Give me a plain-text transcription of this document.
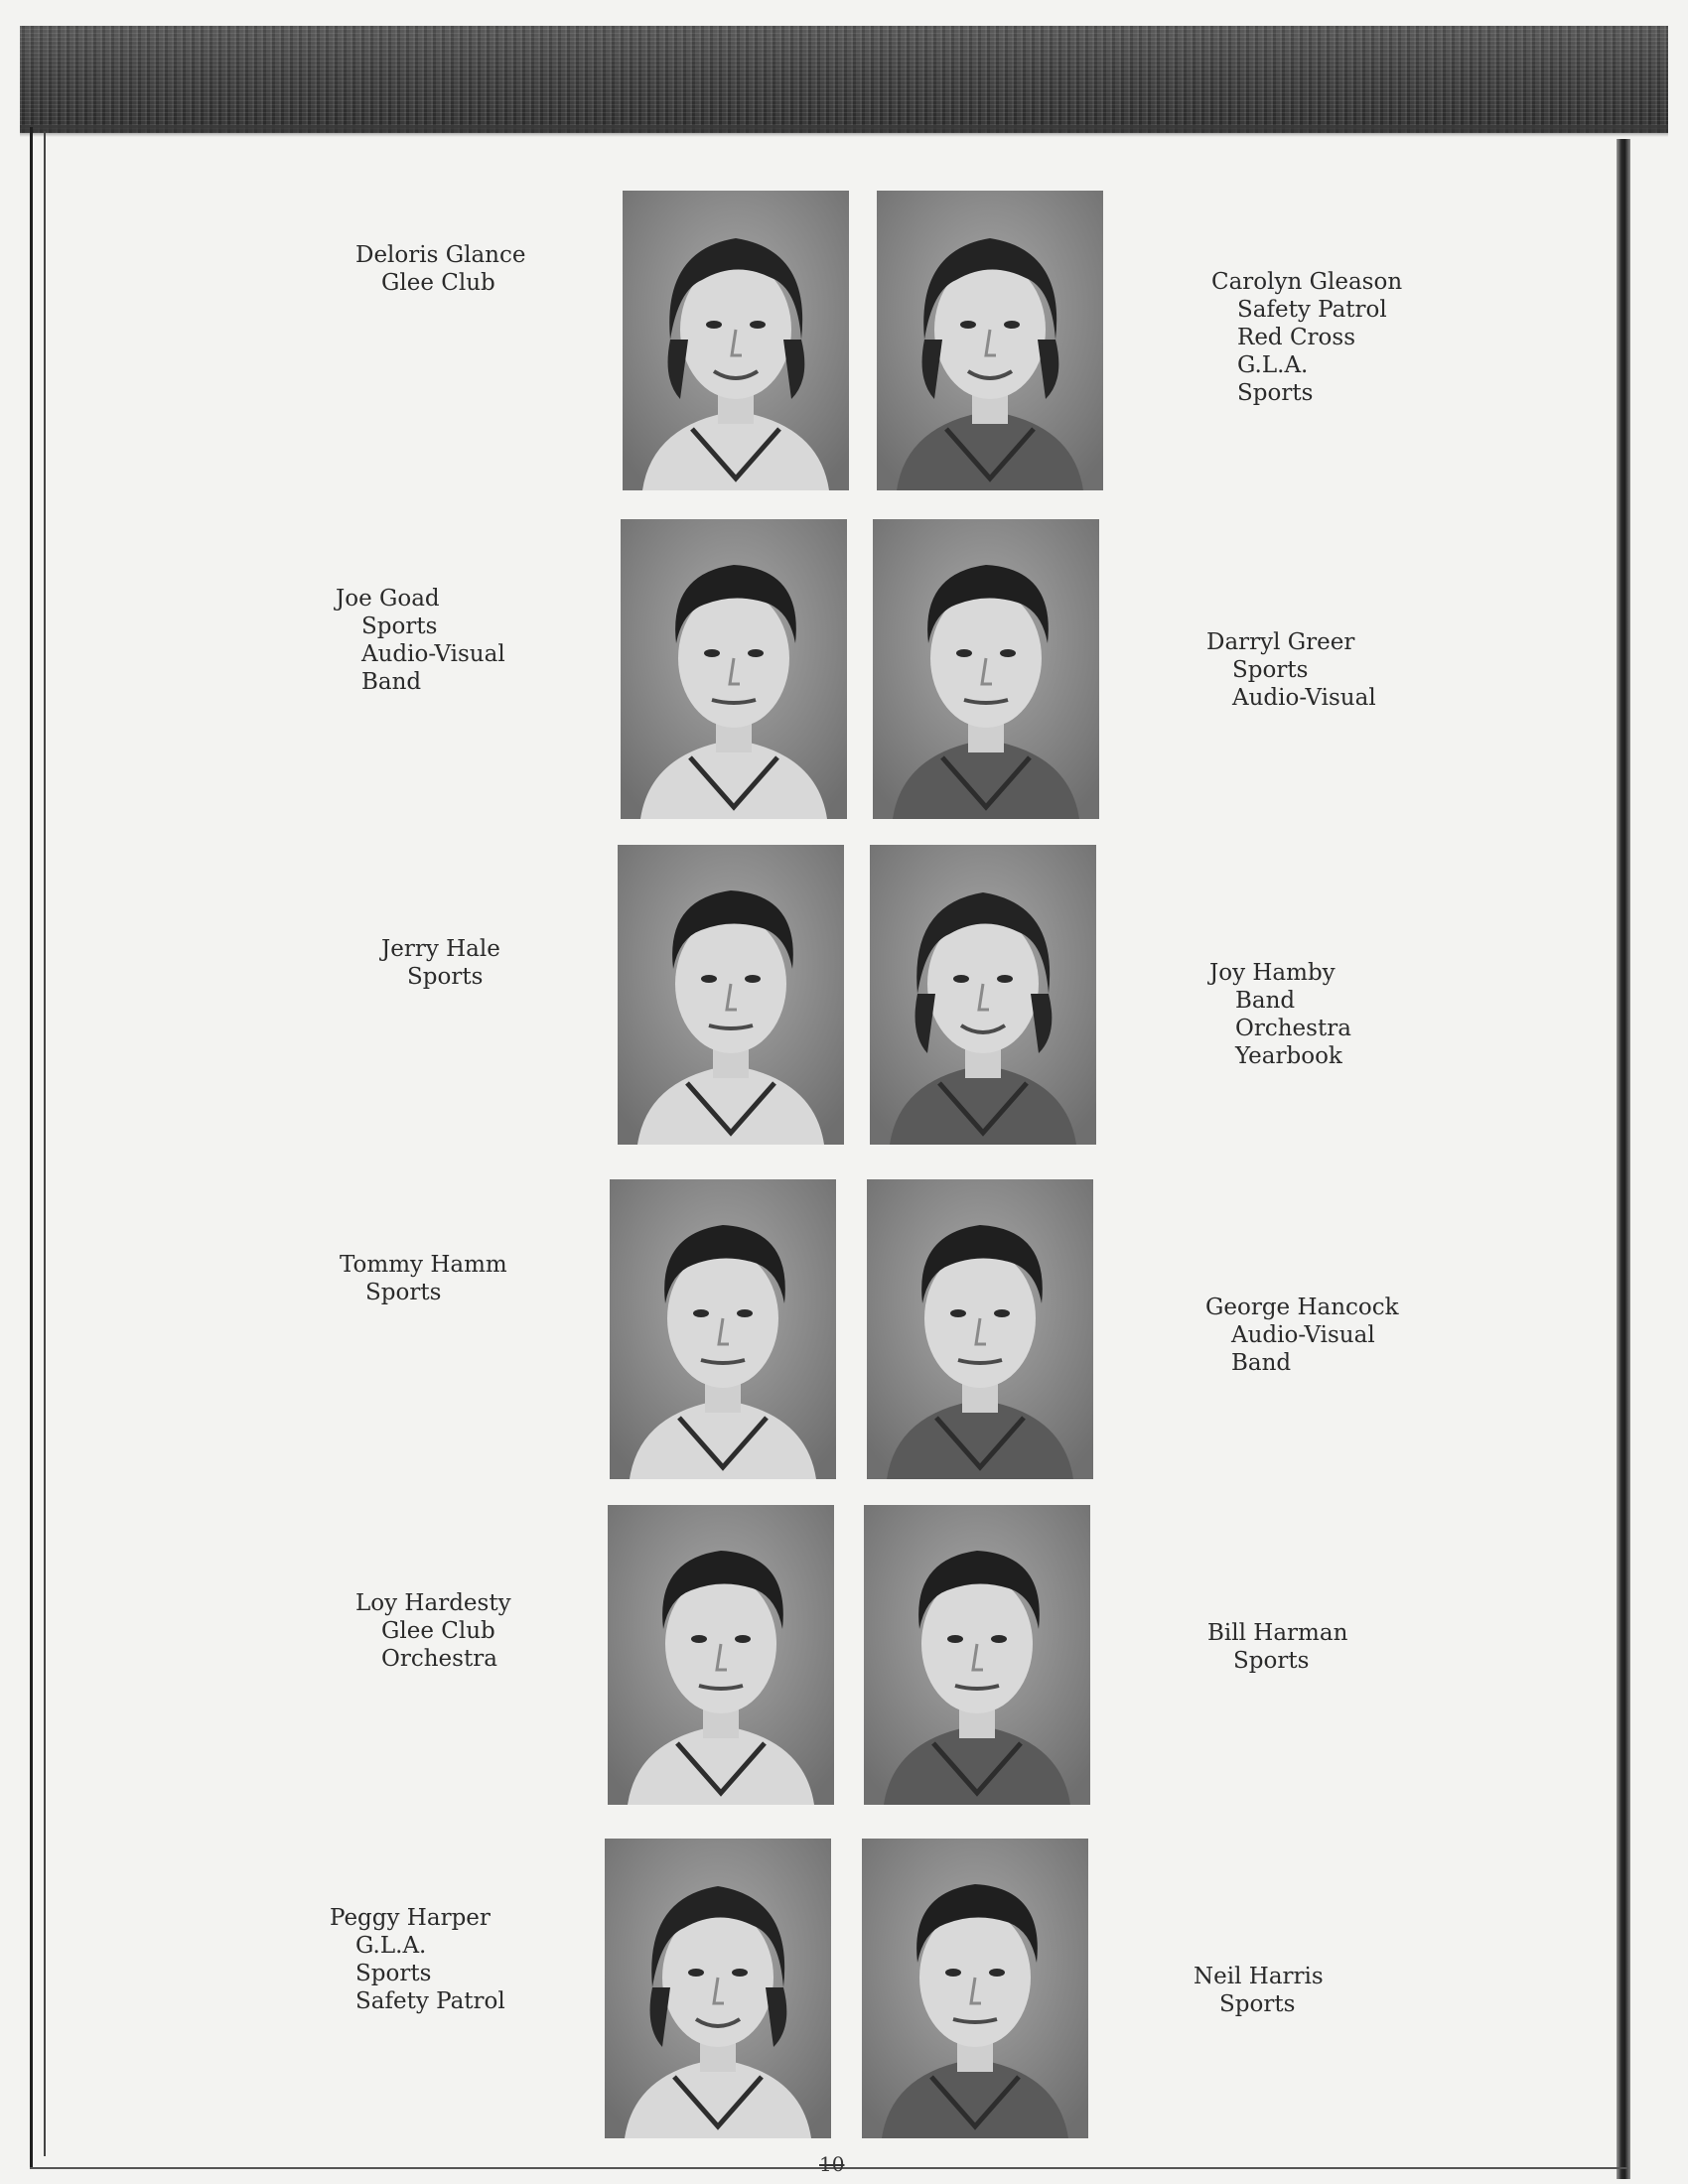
Deloris Glance
Glee Club	Carolyn Gleason
Safety Patrol
Red Cross
G.L.A.
Sports
Joe Goad
Sports
Audio-Visual
Band
Darryl Greer
Sports
Audio-Visual
Jerry Hale
Sports	Joy Hamby
Band
Orchestra
Yearbook
Tommy Hamm
Sports
George Hancock
Audio-Visual
Band
Loy Hardesty
Glee Club
Orchestra
Bill Harman
Sports
Peggy Harper
G.L.A.
Sports
Safety Patrol
Neil Harris
Sports
10
